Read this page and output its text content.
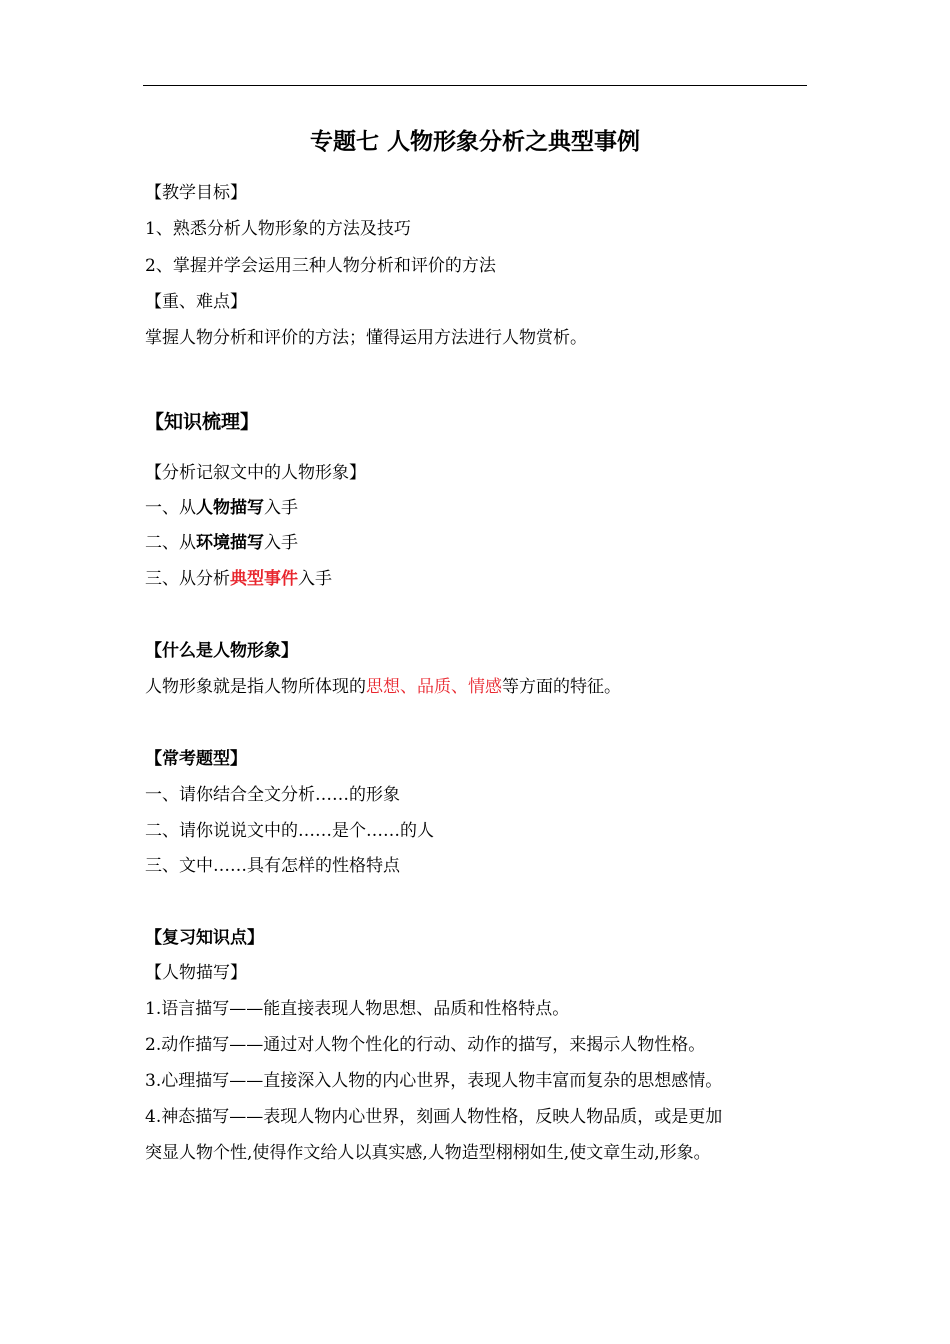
专题七 人物形象分析之典型事例
【教学目标】
1、熟悉分析人物形象的方法及技巧
2、掌握并学会运用三种人物分析和评价的方法
【重、难点】
掌握人物分析和评价的方法；懂得运用方法进行人物赏析。
【知识梳理】
【分析记叙文中的人物形象】
一、从人物描写入手
二、从环境描写入手
三、从分析典型事件入手
【什么是人物形象】
人物形象就是指人物所体现的思想、品质、情感等方面的特征。
【常考题型】
一、请你结合全文分析……的形象
二、请你说说文中的……是个……的人
三、文中……具有怎样的性格特点
【复习知识点】
【人物描写】
1.语言描写——能直接表现人物思想、品质和性格特点。
2.动作描写——通过对人物个性化的行动、动作的描写，来揭示人物性格。
3.心理描写——直接深入人物的内心世界，表现人物丰富而复杂的思想感情。
4.神态描写——表现人物内心世界，刻画人物性格，反映人物品质，或是更加
突显人物个性,使得作文给人以真实感,人物造型栩栩如生,使文章生动,形象。
